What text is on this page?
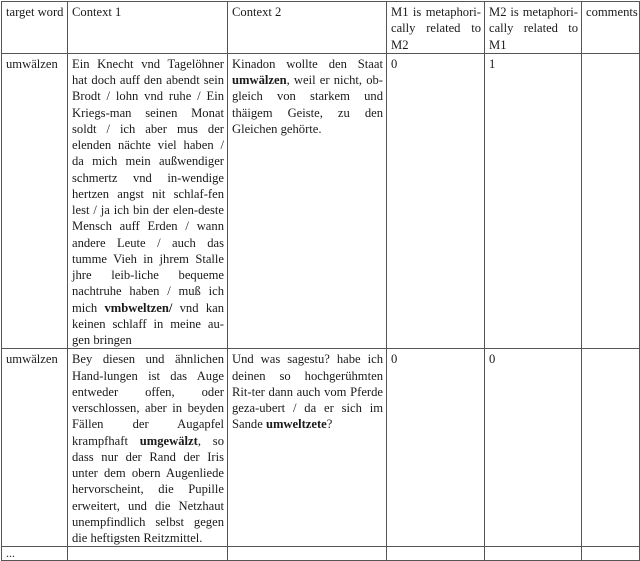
target word	Context 1	Context 2	M1 is metaphori-cally related to M2	M2 is metaphori-cally related to M1	comments
umwälzen	Ein Knecht vnd Tagelöhner hat doch auff den abendt sein Brodt / lohn vnd ruhe / Ein Kriegs-man seinen Monat soldt / ich aber mus der elenden nächte viel haben / da mich mein außwendiger schmertz vnd in-wendige hertzen angst nit schlaf-fen lest / ja ich bin der elen-deste Mensch auff Erden / wann andere Leute / auch das tumme Vieh in jhrem Stalle jhre leib-liche bequeme nachtruhe haben / muß ich mich vmbweltzen/ vnd kan keinen schlaff in meine au-gen bringen	Kinadon wollte den Staat umwälzen, weil er nicht, ob-gleich von starkem und thäigem Geiste, zu den Gleichen gehörte.	0	1	
umwälzen	Bey diesen und ähnlichen Hand-lungen ist das Auge entweder offen, oder verschlossen, aber in beyden Fällen der Augapfel krampfhaft umgewälzt, so dass nur der Rand der Iris unter dem obern Augenliede hervorscheint, die Pupille erweitert, und die Netzhaut unempfindlich selbst gegen die heftigsten Reitzmittel.	Und was sagestu? habe ich deinen so hochgerühmten Rit-ter dann auch vom Pferde geza-ubert / da er sich im Sande umweltzete?	0	0	
...					
